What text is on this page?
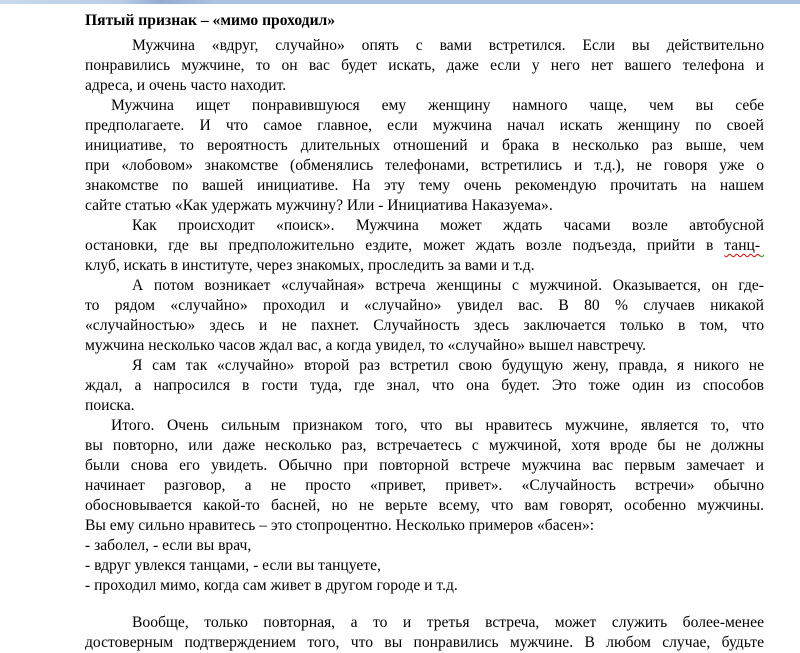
Пятый признак – «мимо проходил»
Мужчина «вдруг, случайно» опять с вами встретился. Если вы действительно
понравились мужчине, то он вас будет искать, даже если у него нет вашего телефона и
адреса, и очень часто находит.
Мужчина ищет понравившуюся ему женщину намного чаще, чем вы себе
предполагаете. И что самое главное, если мужчина начал искать женщину по своей
инициативе, то вероятность длительных отношений и брака в несколько раз выше, чем
при «лобовом» знакомстве (обменялись телефонами, встретились и т.д.), не говоря уже о
знакомстве по вашей инициативе. На эту тему очень рекомендую прочитать на нашем
сайте статью «Как удержать мужчину? Или - Инициатива Наказуема».
Как происходит «поиск». Мужчина может ждать часами возле автобусной
остановки, где вы предположительно ездите, может ждать возле подъезда, прийти в танц-
клуб, искать в институте, через знакомых, проследить за вами и т.д.
А потом возникает «случайная» встреча женщины с мужчиной. Оказывается, он где-
то рядом «случайно» проходил и «случайно» увидел вас. В 80 % случаев никакой
«случайностью» здесь и не пахнет. Случайность здесь заключается только в том, что
мужчина несколько часов ждал вас, а когда увидел, то «случайно» вышел навстречу.
Я сам так «случайно» второй раз встретил свою будущую жену, правда, я никого не
ждал, а напросился в гости туда, где знал, что она будет. Это тоже один из способов
поиска.
Итого. Очень сильным признаком того, что вы нравитесь мужчине, является то, что
вы повторно, или даже несколько раз, встречаетесь с мужчиной, хотя вроде бы не должны
были снова его увидеть. Обычно при повторной встрече мужчина вас первым замечает и
начинает разговор, а не просто «привет, привет». «Случайность встречи» обычно
обосновывается какой-то басней, но не верьте всему, что вам говорят, особенно мужчины.
Вы ему сильно нравитесь – это стопроцентно. Несколько примеров «басен»:
- заболел, - если вы врач,
- вдруг увлекся танцами, - если вы танцуете,
- проходил мимо, когда сам живет в другом городе и т.д.
Вообще, только повторная, а то и третья встреча, может служить более-менее
достоверным подтверждением того, что вы понравились мужчине. В любом случае, будьте
